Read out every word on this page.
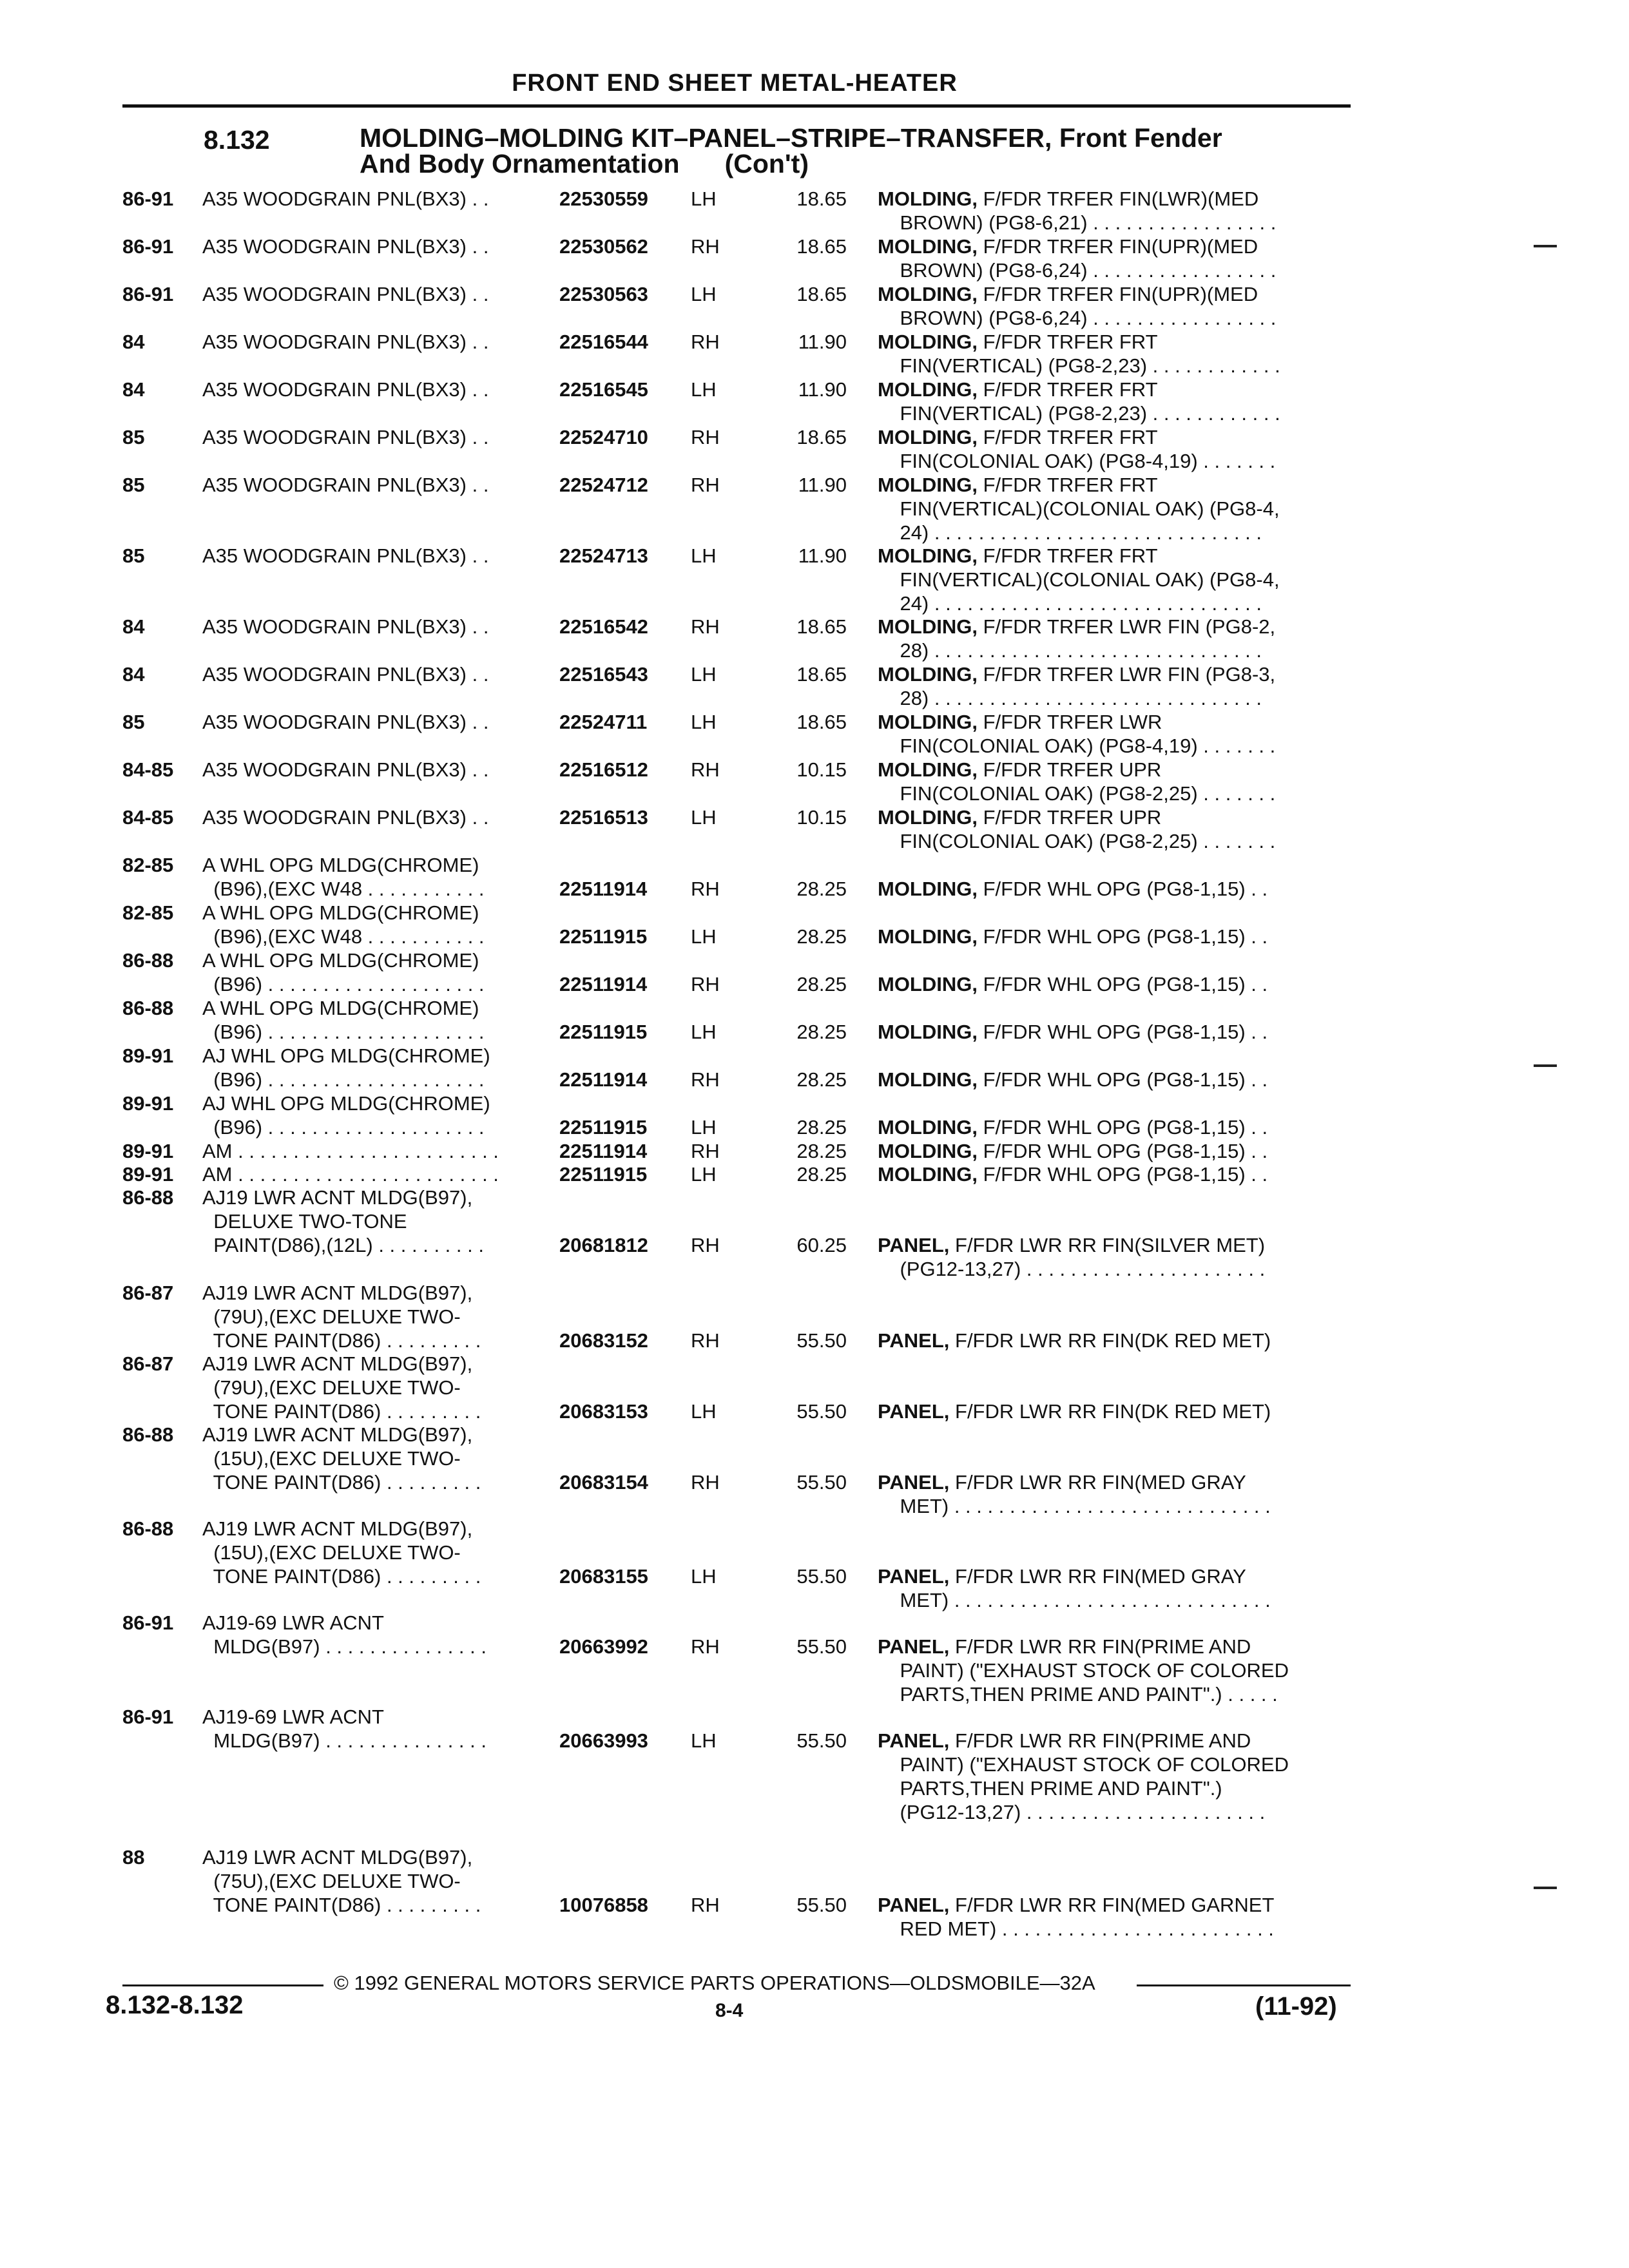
FRONT END SHEET METAL-HEATER
8.132	MOLDING–MOLDING KIT–PANEL–STRIPE–TRANSFER, Front Fender
And Body Ornamentation (Con't)
86-91 A35 WOODGRAIN PNL(BX3) . .	22530559 LH	18.65 MOLDING, F/FDR TRFER FIN(LWR)(MED
BROWN) (PG8-6,21) . . . . . . . . . . . . . . . . .
86-91 A35 WOODGRAIN PNL(BX3) . .	22530562 RH	18.65 MOLDING, F/FDR TRFER FIN(UPR)(MED
BROWN) (PG8-6,24) . . . . . . . . . . . . . . . . .
86-91 A35 WOODGRAIN PNL(BX3) . .	22530563 LH	18.65 MOLDING, F/FDR TRFER FIN(UPR)(MED
BROWN) (PG8-6,24) . . . . . . . . . . . . . . . . .
84	A35 WOODGRAIN PNL(BX3) . .	22516544 RH	11.90 MOLDING, F/FDR TRFER FRT
FIN(VERTICAL) (PG8-2,23) . . . . . . . . . . . .
84	A35 WOODGRAIN PNL(BX3) . .	22516545 LH	11.90 MOLDING, F/FDR TRFER FRT
FIN(VERTICAL) (PG8-2,23) . . . . . . . . . . . .
85	A35 WOODGRAIN PNL(BX3) . .	22524710 RH	18.65 MOLDING, F/FDR TRFER FRT
FIN(COLONIAL OAK) (PG8-4,19) . . . . . . .
85	A35 WOODGRAIN PNL(BX3) . .	22524712 RH	11.90 MOLDING, F/FDR TRFER FRT
FIN(VERTICAL)(COLONIAL OAK) (PG8-4,
24) . . . . . . . . . . . . . . . . . . . . . . . . . . . . . .
85	A35 WOODGRAIN PNL(BX3) . .	22524713 LH	11.90 MOLDING, F/FDR TRFER FRT
FIN(VERTICAL)(COLONIAL OAK) (PG8-4,
24) . . . . . . . . . . . . . . . . . . . . . . . . . . . . . .
84	A35 WOODGRAIN PNL(BX3) . .	22516542 RH	18.65 MOLDING, F/FDR TRFER LWR FIN (PG8-2,
28) . . . . . . . . . . . . . . . . . . . . . . . . . . . . . .
84	A35 WOODGRAIN PNL(BX3) . .	22516543 LH	18.65 MOLDING, F/FDR TRFER LWR FIN (PG8-3,
28) . . . . . . . . . . . . . . . . . . . . . . . . . . . . . .
85	A35 WOODGRAIN PNL(BX3) . .	22524711 LH	18.65 MOLDING, F/FDR TRFER LWR
FIN(COLONIAL OAK) (PG8-4,19) . . . . . . .
84-85 A35 WOODGRAIN PNL(BX3) . .	22516512 RH	10.15 MOLDING, F/FDR TRFER UPR
FIN(COLONIAL OAK) (PG8-2,25) . . . . . . .
84-85 A35 WOODGRAIN PNL(BX3) . .	22516513 LH	10.15 MOLDING, F/FDR TRFER UPR
FIN(COLONIAL OAK) (PG8-2,25) . . . . . . .
82-85 A WHL OPG MLDG(CHROME)
(B96),(EXC W48 . . . . . . . . . . .	22511914 RH	28.25 MOLDING, F/FDR WHL OPG (PG8-1,15) . .
82-85 A WHL OPG MLDG(CHROME)
(B96),(EXC W48 . . . . . . . . . . .	22511915 LH	28.25 MOLDING, F/FDR WHL OPG (PG8-1,15) . .
86-88 A WHL OPG MLDG(CHROME)
(B96) . . . . . . . . . . . . . . . . . . . .	22511914 RH	28.25 MOLDING, F/FDR WHL OPG (PG8-1,15) . .
86-88 A WHL OPG MLDG(CHROME)
(B96) . . . . . . . . . . . . . . . . . . . .	22511915 LH	28.25 MOLDING, F/FDR WHL OPG (PG8-1,15) . .
89-91 AJ WHL OPG MLDG(CHROME)
(B96) . . . . . . . . . . . . . . . . . . . .	22511914 RH	28.25 MOLDING, F/FDR WHL OPG (PG8-1,15) . .
89-91 AJ WHL OPG MLDG(CHROME)
(B96) . . . . . . . . . . . . . . . . . . . .	22511915 LH	28.25 MOLDING, F/FDR WHL OPG (PG8-1,15) . .
89-91 AM . . . . . . . . . . . . . . . . . . . . . . . .	22511914 RH	28.25 MOLDING, F/FDR WHL OPG (PG8-1,15) . .
89-91 AM . . . . . . . . . . . . . . . . . . . . . . . .	22511915 LH	28.25 MOLDING, F/FDR WHL OPG (PG8-1,15) . .
86-88 AJ19 LWR ACNT MLDG(B97),
DELUXE TWO-TONE
PAINT(D86),(12L) . . . . . . . . . .	20681812 RH	60.25 PANEL, F/FDR LWR RR FIN(SILVER MET)
(PG12-13,27) . . . . . . . . . . . . . . . . . . . . . .
86-87 AJ19 LWR ACNT MLDG(B97),
(79U),(EXC DELUXE TWO-
TONE PAINT(D86) . . . . . . . . .	20683152 RH	55.50 PANEL, F/FDR LWR RR FIN(DK RED MET)
86-87 AJ19 LWR ACNT MLDG(B97),
(79U),(EXC DELUXE TWO-
TONE PAINT(D86) . . . . . . . . .	20683153 LH	55.50 PANEL, F/FDR LWR RR FIN(DK RED MET)
86-88 AJ19 LWR ACNT MLDG(B97),
(15U),(EXC DELUXE TWO-
TONE PAINT(D86) . . . . . . . . .	20683154 RH	55.50 PANEL, F/FDR LWR RR FIN(MED GRAY
MET) . . . . . . . . . . . . . . . . . . . . . . . . . . . . .
86-88 AJ19 LWR ACNT MLDG(B97),
(15U),(EXC DELUXE TWO-
TONE PAINT(D86) . . . . . . . . .	20683155 LH	55.50 PANEL, F/FDR LWR RR FIN(MED GRAY
MET) . . . . . . . . . . . . . . . . . . . . . . . . . . . . .
86-91 AJ19-69 LWR ACNT
MLDG(B97) . . . . . . . . . . . . . . .	20663992 RH	55.50 PANEL, F/FDR LWR RR FIN(PRIME AND
PAINT) ("EXHAUST STOCK OF COLORED
PARTS,THEN PRIME AND PAINT".) . . . . .
86-91 AJ19-69 LWR ACNT
MLDG(B97) . . . . . . . . . . . . . . .	20663993 LH	55.50 PANEL, F/FDR LWR RR FIN(PRIME AND
PAINT) ("EXHAUST STOCK OF COLORED
PARTS,THEN PRIME AND PAINT".)
(PG12-13,27) . . . . . . . . . . . . . . . . . . . . . .
88	AJ19 LWR ACNT MLDG(B97),
(75U),(EXC DELUXE TWO-
TONE PAINT(D86) . . . . . . . . .	10076858 RH	55.50 PANEL, F/FDR LWR RR FIN(MED GARNET
RED MET) . . . . . . . . . . . . . . . . . . . . . . . . .
© 1992 GENERAL MOTORS SERVICE PARTS OPERATIONS—OLDSMOBILE—32A
8.132-8.132	8-4	(11-92)
